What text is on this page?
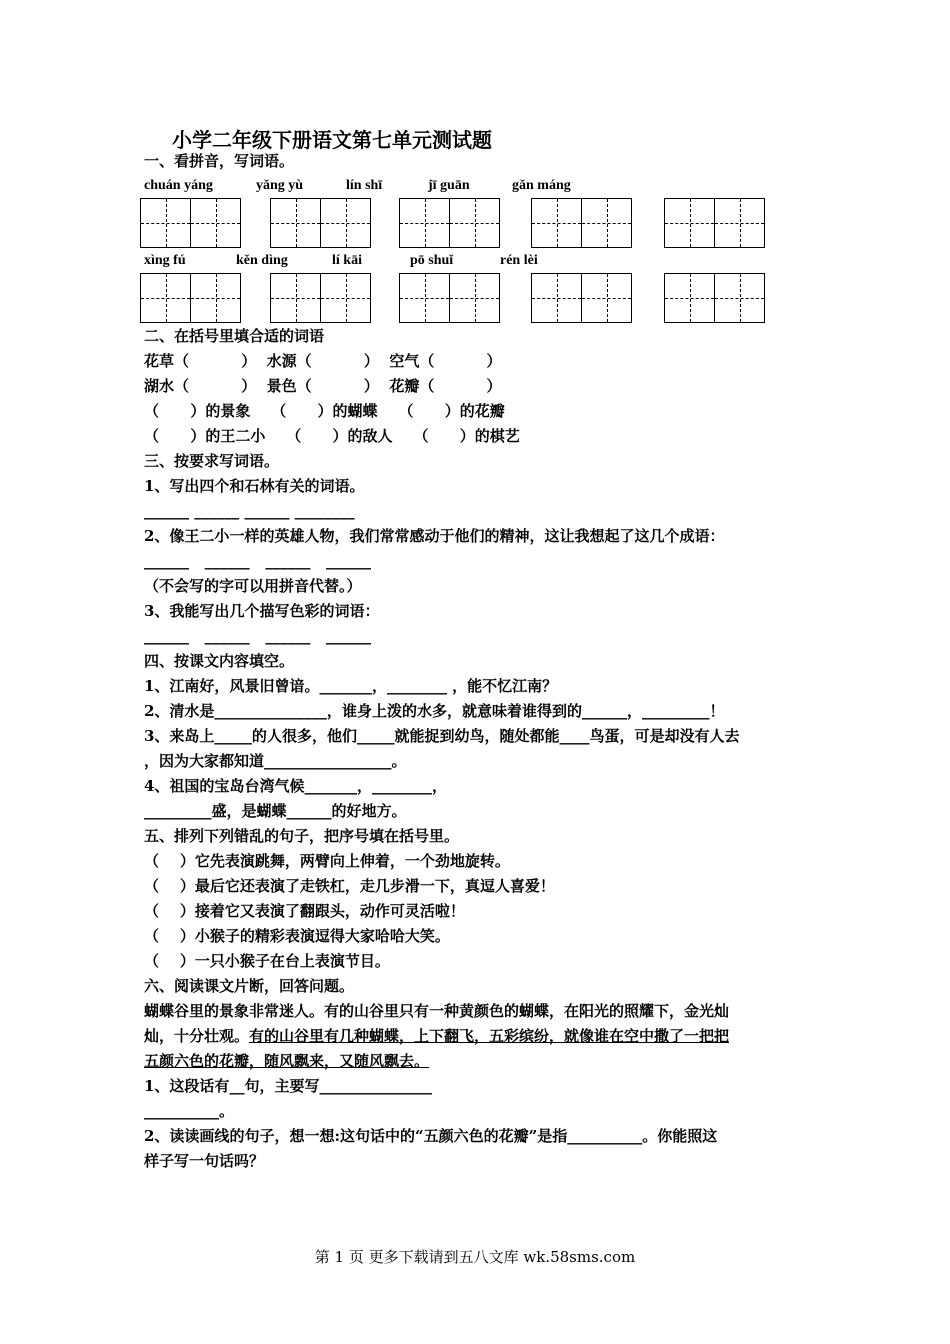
小学二年级下册语文第七单元测试题
一、看拼音，写词语。
chuán yáng	yǎng yù	lín shī	jī guān	gǎn máng
xìng fú	kěn dìng	lí kāi	pō shuǐ	rén lèi
二、在括号里填合适的词语
花草（          ）  水源（          ）  空气（          ）
湖水（          ）  景色（          ）  花瓣（          ）
（      ）的景象    （      ）的蝴蝶    （      ）的花瓣
（      ）的王二小    （      ）的敌人    （      ）的棋艺
三、按要求写词语。
1、写出四个和石林有关的词语。
______ ______ ______ ________
2、像王二小一样的英雄人物，我们常常感动于他们的精神，这让我想起了这几个成语：
______   ______   ______   ______
（不会写的字可以用拼音代替。）
3、我能写出几个描写色彩的词语：
______   ______   ______   ______
四、按课文内容填空。
1、江南好，风景旧曾谙。_______，________ ，能不忆江南？
2、清水是_______________，谁身上泼的水多，就意味着谁得到的______，_________！
3、来岛上_____的人很多，他们_____就能捉到幼鸟，随处都能____鸟蛋，可是却没有人去
，因为大家都知道_________________。
4、祖国的宝岛台湾气候_______，________，
_________盛，是蝴蝶______的好地方。
五、排列下列错乱的句子，把序号填在括号里。
（    ）它先表演跳舞，两臂向上伸着，一个劲地旋转。
（    ）最后它还表演了走铁杠，走几步滑一下，真逗人喜爱！
（    ）接着它又表演了翻跟头，动作可灵活啦！
（    ）小猴子的精彩表演逗得大家哈哈大笑。
（    ）一只小猴子在台上表演节目。
六、阅读课文片断，回答问题。
蝴蝶谷里的景象非常迷人。有的山谷里只有一种黄颜色的蝴蝶，在阳光的照耀下，金光灿
灿，十分壮观。有的山谷里有几种蝴蝶，上下翻飞，五彩缤纷，就像谁在空中撒了一把把
五颜六色的花瓣，随风飘来，又随风飘去。
1、这段话有__句，主要写_______________
__________。
2、读读画线的句子，想一想:这句话中的“五颜六色的花瓣”是指__________。你能照这
样子写一句话吗？
第 1 页 更多下载请到五八文库 wk.58sms.com
